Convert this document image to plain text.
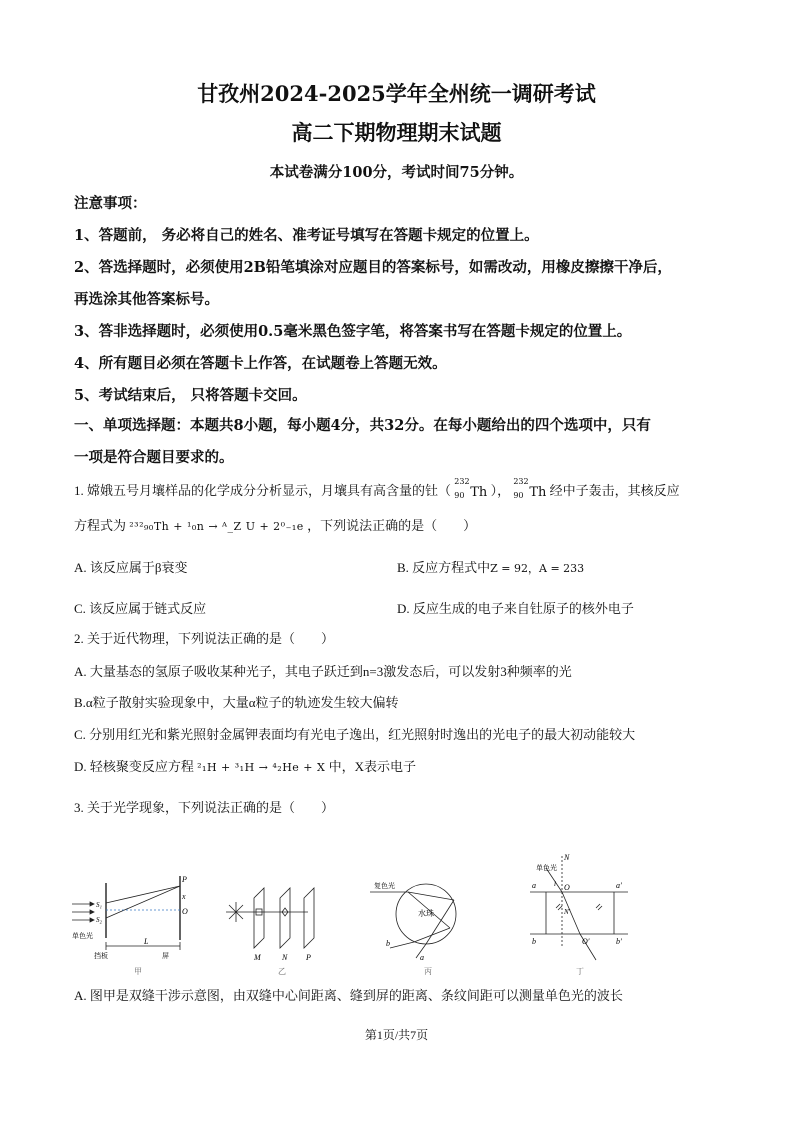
甘孜州2024-2025学年全州统一调研考试
高二下期物理期末试题
本试卷满分100分，考试时间75分钟。
注意事项：
1、答题前， 务必将自己的姓名、准考证号填写在答题卡规定的位置上。
2、答选择题时，必须使用2B铅笔填涂对应题目的答案标号，如需改动，用橡皮擦擦干净后，
再选涂其他答案标号。
3、答非选择题时，必须使用0.5毫米黑色签字笔，将答案书写在答题卡规定的位置上。
4、所有题目必须在答题卡上作答，在试题卷上答题无效。
5、考试结束后， 只将答题卡交回。
一、单项选择题：本题共8小题，每小题4分，共32分。在每小题给出的四个选项中，只有
一项是符合题目要求的。
1. 嫦娥五号月壤样品的化学成分分析显示，月壤具有高含量的钍（
232
90 Th ），
232
90 Th 经中子轰击，其核反应
方程式为 ²³²₉₀Th + ¹₀n → ᴬ_Z U + 2⁰₋₁e ，下列说法正确的是（　　）
A. 该反应属于β衰变	B. 反应方程式中Z = 92，A = 233
C. 该反应属于链式反应	D. 反应生成的电子来自钍原子的核外电子
2. 关于近代物理，下列说法正确的是（　　）
A. 大量基态的氢原子吸收某种光子，其电子跃迁到n=3激发态后，可以发射3种频率的光
B.α粒子散射实验现象中，大量α粒子的轨迹发生较大偏转
C. 分别用红光和紫光照射金属钾表面均有光电子逸出，红光照射时逸出的光电子的最大初动能较大
D. 轻核聚变反应方程 ²₁H + ³₁H → ⁴₂He + X 中，X表示电子
3. 关于光学现象，下列说法正确的是（　　）
P
x
O
S₁
S₂
单色光
L
挡板	屏
甲
M	N P
乙
复色光
水珠
a
b
丙
单色光
N
i O
N′
O′
a	a′
b	b′
丁
A. 图甲是双缝干涉示意图，由双缝中心间距离、缝到屏的距离、条纹间距可以测量单色光的波长
第1页/共7页
